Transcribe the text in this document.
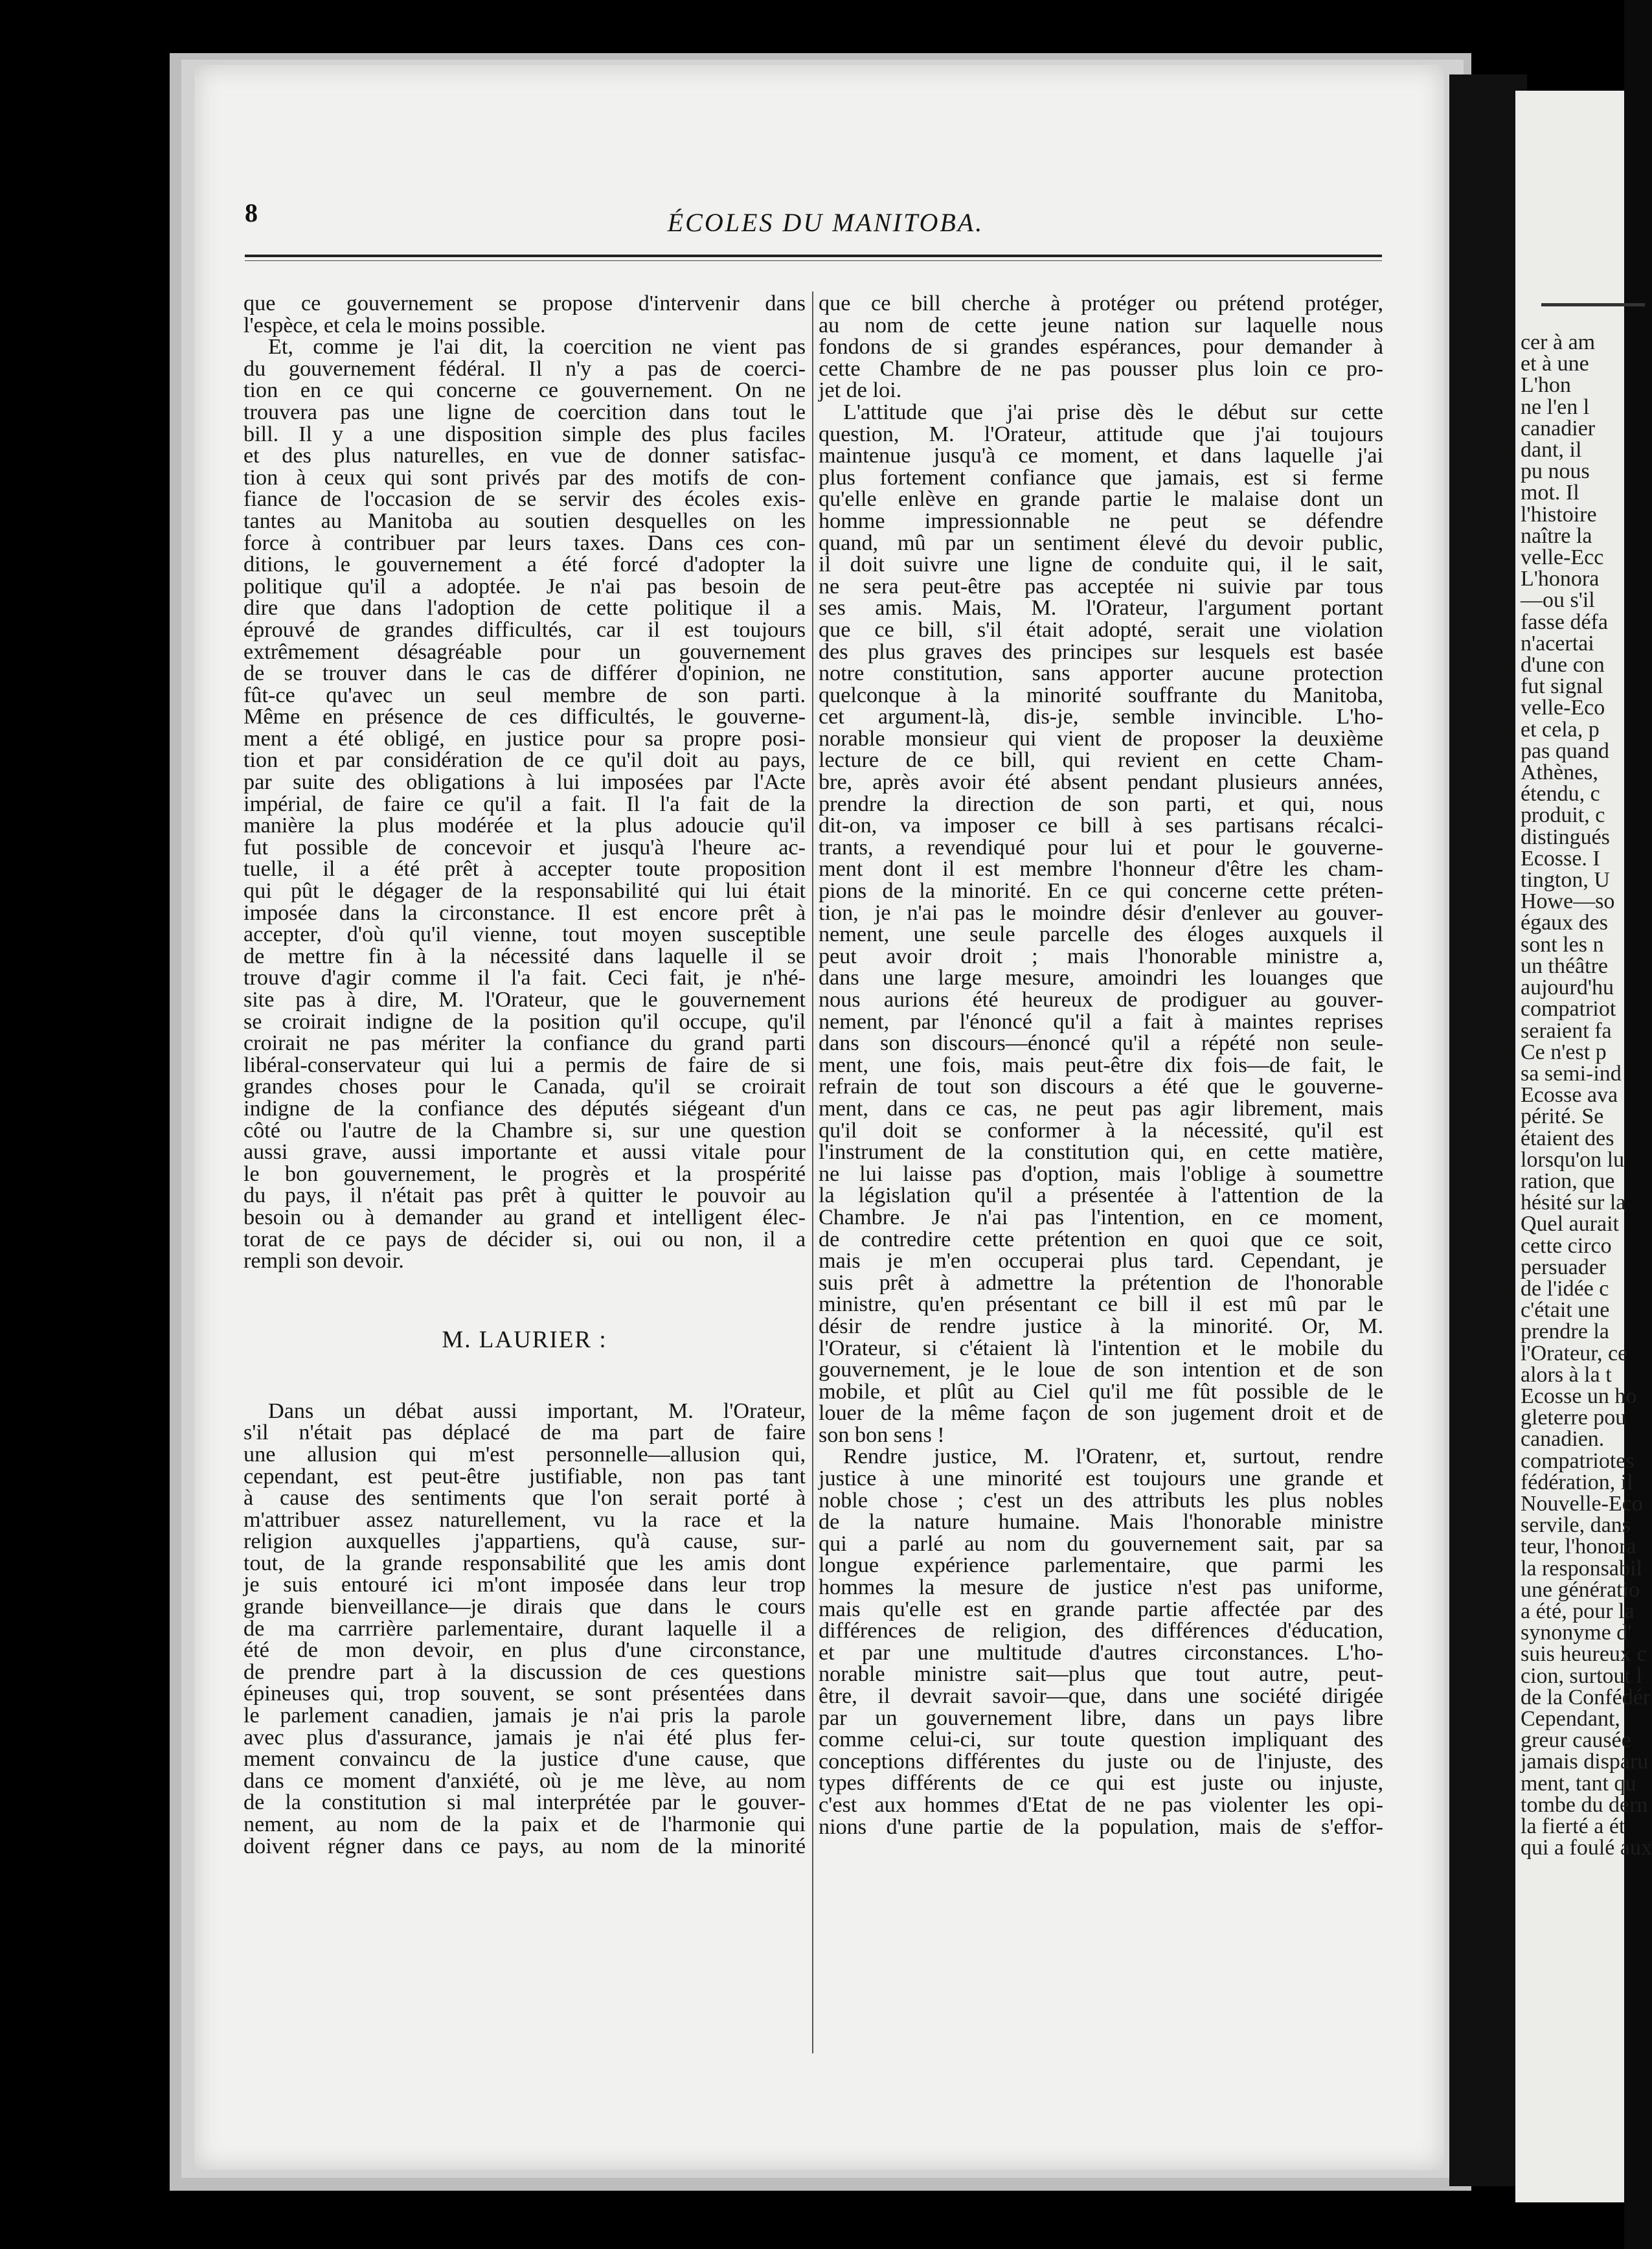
cer à am
et à une
L'hon
ne l'en l
canadier
dant, il
pu nous
mot. Il
l'histoire
naître la
velle-Ecc
L'honora
—ou s'il
fasse défa
n'acertai
d'une con
fut signal
velle-Eco
et cela, p
pas quand
Athènes,
étendu, c
produit, c
distingués
Ecosse. I
tington, U
Howe—so
égaux des
sont les n
un théâtre
aujourd'hu
compatriot
seraient fa
Ce n'est p
sa semi-ind
Ecosse ava
périté. Se
étaient des
lorsqu'on lu
ration, que
hésité sur la
Quel aurait
cette circo
persuader
de l'idée c
c'était une
prendre la
l'Orateur, ce
alors à la t
Ecosse un ho
gleterre pou
canadien.
compatriotes
fédération, il
Nouvelle-Eco
servile, dans
teur, l'honora
la responsabil
une génératio
a été, pour la
synonyme d'
suis heureux c
cion, surtout l
de la Confédér
Cependant,
greur causée
jamais disparu
ment, tant qu
tombe du dern
la fierté a ét
qui a foulé aux
8	ÉCOLES DU MANITOBA.
que ce gouvernement se propose d'intervenir dans
l'espèce, et cela le moins possible.
Et, comme je l'ai dit, la coercition ne vient pas
du gouvernement fédéral. Il n'y a pas de coerci-
tion en ce qui concerne ce gouvernement. On ne
trouvera pas une ligne de coercition dans tout le
bill. Il y a une disposition simple des plus faciles
et des plus naturelles, en vue de donner satisfac-
tion à ceux qui sont privés par des motifs de con-
fiance de l'occasion de se servir des écoles exis-
tantes au Manitoba au soutien desquelles on les
force à contribuer par leurs taxes. Dans ces con-
ditions, le gouvernement a été forcé d'adopter la
politique qu'il a adoptée. Je n'ai pas besoin de
dire que dans l'adoption de cette politique il a
éprouvé de grandes difficultés, car il est toujours
extrêmement désagréable pour un gouvernement
de se trouver dans le cas de différer d'opinion, ne
fût-ce qu'avec un seul membre de son parti.
Même en présence de ces difficultés, le gouverne-
ment a été obligé, en justice pour sa propre posi-
tion et par considération de ce qu'il doit au pays,
par suite des obligations à lui imposées par l'Acte
impérial, de faire ce qu'il a fait. Il l'a fait de la
manière la plus modérée et la plus adoucie qu'il
fut possible de concevoir et jusqu'à l'heure ac-
tuelle, il a été prêt à accepter toute proposition
qui pût le dégager de la responsabilité qui lui était
imposée dans la circonstance. Il est encore prêt à
accepter, d'où qu'il vienne, tout moyen susceptible
de mettre fin à la nécessité dans laquelle il se
trouve d'agir comme il l'a fait. Ceci fait, je n'hé-
site pas à dire, M. l'Orateur, que le gouvernement
se croirait indigne de la position qu'il occupe, qu'il
croirait ne pas mériter la confiance du grand parti
libéral-conservateur qui lui a permis de faire de si
grandes choses pour le Canada, qu'il se croirait
indigne de la confiance des députés siégeant d'un
côté ou l'autre de la Chambre si, sur une question
aussi grave, aussi importante et aussi vitale pour
le bon gouvernement, le progrès et la prospérité
du pays, il n'était pas prêt à quitter le pouvoir au
besoin ou à demander au grand et intelligent élec-
torat de ce pays de décider si, oui ou non, il a
rempli son devoir.
M. LAURIER :
Dans un débat aussi important, M. l'Orateur,
s'il n'était pas déplacé de ma part de faire
une allusion qui m'est personnelle—allusion qui,
cependant, est peut-être justifiable, non pas tant
à cause des sentiments que l'on serait porté à
m'attribuer assez naturellement, vu la race et la
religion auxquelles j'appartiens, qu'à cause, sur-
tout, de la grande responsabilité que les amis dont
je suis entouré ici m'ont imposée dans leur trop
grande bienveillance—je dirais que dans le cours
de ma carrrière parlementaire, durant laquelle il a
été de mon devoir, en plus d'une circonstance,
de prendre part à la discussion de ces questions
épineuses qui, trop souvent, se sont présentées dans
le parlement canadien, jamais je n'ai pris la parole
avec plus d'assurance, jamais je n'ai été plus fer-
mement convaincu de la justice d'une cause, que
dans ce moment d'anxiété, où je me lève, au nom
de la constitution si mal interprétée par le gouver-
nement, au nom de la paix et de l'harmonie qui
doivent régner dans ce pays, au nom de la minorité
que ce bill cherche à protéger ou prétend protéger,
au nom de cette jeune nation sur laquelle nous
fondons de si grandes espérances, pour demander à
cette Chambre de ne pas pousser plus loin ce pro-
jet de loi.
L'attitude que j'ai prise dès le début sur cette
question, M. l'Orateur, attitude que j'ai toujours
maintenue jusqu'à ce moment, et dans laquelle j'ai
plus fortement confiance que jamais, est si ferme
qu'elle enlève en grande partie le malaise dont un
homme impressionnable ne peut se défendre
quand, mû par un sentiment élevé du devoir public,
il doit suivre une ligne de conduite qui, il le sait,
ne sera peut-être pas acceptée ni suivie par tous
ses amis. Mais, M. l'Orateur, l'argument portant
que ce bill, s'il était adopté, serait une violation
des plus graves des principes sur lesquels est basée
notre constitution, sans apporter aucune protection
quelconque à la minorité souffrante du Manitoba,
cet argument-là, dis-je, semble invincible. L'ho-
norable monsieur qui vient de proposer la deuxième
lecture de ce bill, qui revient en cette Cham-
bre, après avoir été absent pendant plusieurs années,
prendre la direction de son parti, et qui, nous
dit-on, va imposer ce bill à ses partisans récalci-
trants, a revendiqué pour lui et pour le gouverne-
ment dont il est membre l'honneur d'être les cham-
pions de la minorité. En ce qui concerne cette préten-
tion, je n'ai pas le moindre désir d'enlever au gouver-
nement, une seule parcelle des éloges auxquels il
peut avoir droit ; mais l'honorable ministre a,
dans une large mesure, amoindri les louanges que
nous aurions été heureux de prodiguer au gouver-
nement, par l'énoncé qu'il a fait à maintes reprises
dans son discours—énoncé qu'il a répété non seule-
ment, une fois, mais peut-être dix fois—de fait, le
refrain de tout son discours a été que le gouverne-
ment, dans ce cas, ne peut pas agir librement, mais
qu'il doit se conformer à la nécessité, qu'il est
l'instrument de la constitution qui, en cette matière,
ne lui laisse pas d'option, mais l'oblige à soumettre
la législation qu'il a présentée à l'attention de la
Chambre. Je n'ai pas l'intention, en ce moment,
de contredire cette prétention en quoi que ce soit,
mais je m'en occuperai plus tard. Cependant, je
suis prêt à admettre la prétention de l'honorable
ministre, qu'en présentant ce bill il est mû par le
désir de rendre justice à la minorité. Or, M.
l'Orateur, si c'étaient là l'intention et le mobile du
gouvernement, je le loue de son intention et de son
mobile, et plût au Ciel qu'il me fût possible de le
louer de la même façon de son jugement droit et de
son bon sens !
Rendre justice, M. l'Oratenr, et, surtout, rendre
justice à une minorité est toujours une grande et
noble chose ; c'est un des attributs les plus nobles
de la nature humaine. Mais l'honorable ministre
qui a parlé au nom du gouvernement sait, par sa
longue expérience parlementaire, que parmi les
hommes la mesure de justice n'est pas uniforme,
mais qu'elle est en grande partie affectée par des
différences de religion, des différences d'éducation,
et par une multitude d'autres circonstances. L'ho-
norable ministre sait—plus que tout autre, peut-
être, il devrait savoir—que, dans une société dirigée
par un gouvernement libre, dans un pays libre
comme celui-ci, sur toute question impliquant des
conceptions différentes du juste ou de l'injuste, des
types différents de ce qui est juste ou injuste,
c'est aux hommes d'Etat de ne pas violenter les opi-
nions d'une partie de la population, mais de s'effor-
